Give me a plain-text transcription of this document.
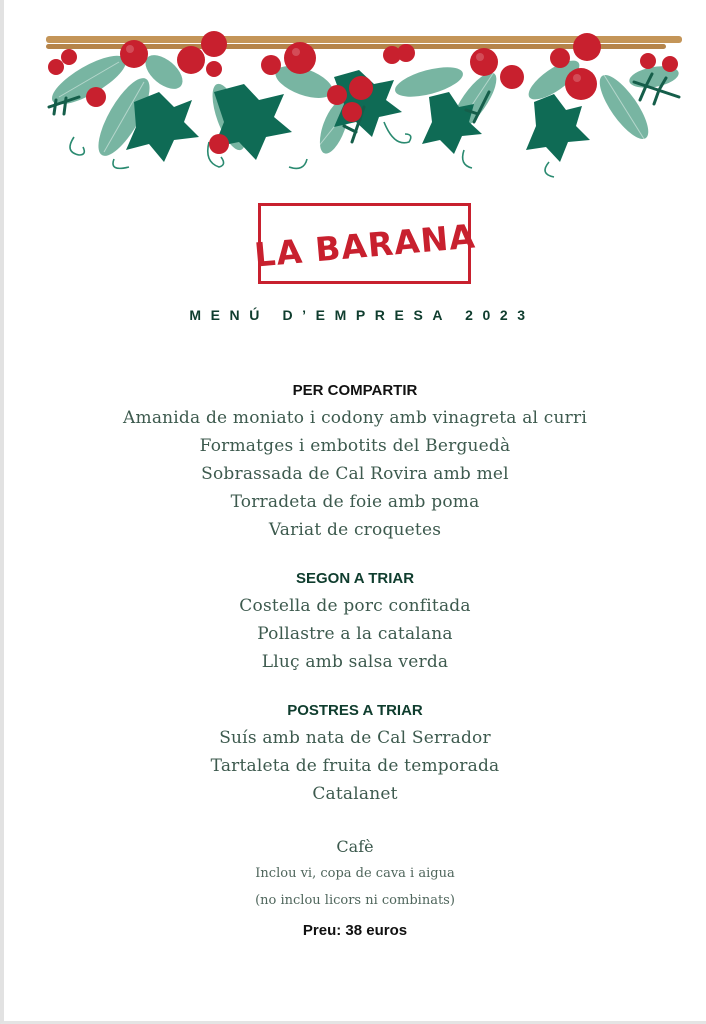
LA BARANA
MENÚ D’EMPRESA 2023
PER COMPARTIR
Amanida de moniato i codony amb vinagreta al curri
Formatges i embotits del Berguedà
Sobrassada de Cal Rovira amb mel
Torradeta de foie amb poma
Variat de croquetes
SEGON A TRIAR
Costella de porc confitada
Pollastre a la catalana
Lluç amb salsa verda
POSTRES A TRIAR
Suís amb nata de Cal Serrador
Tartaleta de fruita de temporada
Catalanet
Cafè
Inclou vi, copa de cava i aigua
(no inclou licors ni combinats)
Preu: 38 euros
